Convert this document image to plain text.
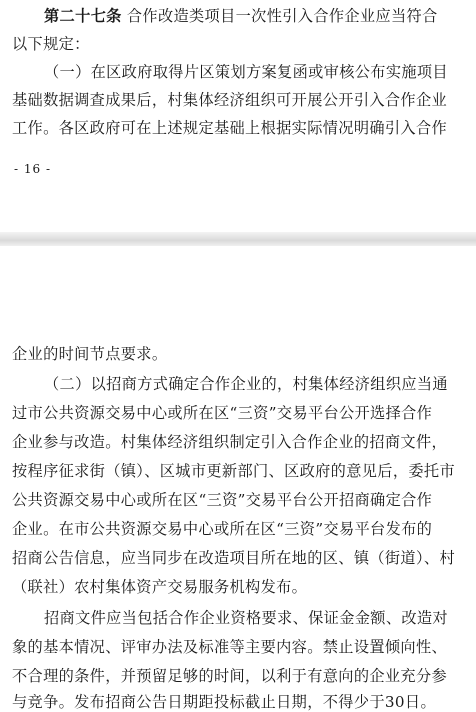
第二十七条 合作改造类项目一次性引入合作企业应当符合
以下规定：
（一）在区政府取得片区策划方案复函或审核公布实施项目
基础数据调查成果后，村集体经济组织可开展公开引入合作企业
工作。各区政府可在上述规定基础上根据实际情况明确引入合作
- 16 -
企业的时间节点要求。
（二）以招商方式确定合作企业的，村集体经济组织应当通
过市公共资源交易中心或所在区“三资”交易平台公开选择合作
企业参与改造。村集体经济组织制定引入合作企业的招商文件，
按程序征求街（镇）、区城市更新部门、区政府的意见后，委托市
公共资源交易中心或所在区“三资”交易平台公开招商确定合作
企业。在市公共资源交易中心或所在区“三资”交易平台发布的
招商公告信息，应当同步在改造项目所在地的区、镇（街道）、村
（联社）农村集体资产交易服务机构发布。
招商文件应当包括合作企业资格要求、保证金金额、改造对
象的基本情况、评审办法及标准等主要内容。禁止设置倾向性、
不合理的条件，并预留足够的时间，以利于有意向的企业充分参
与竞争。发布招商公告日期距投标截止日期，不得少于30日。
